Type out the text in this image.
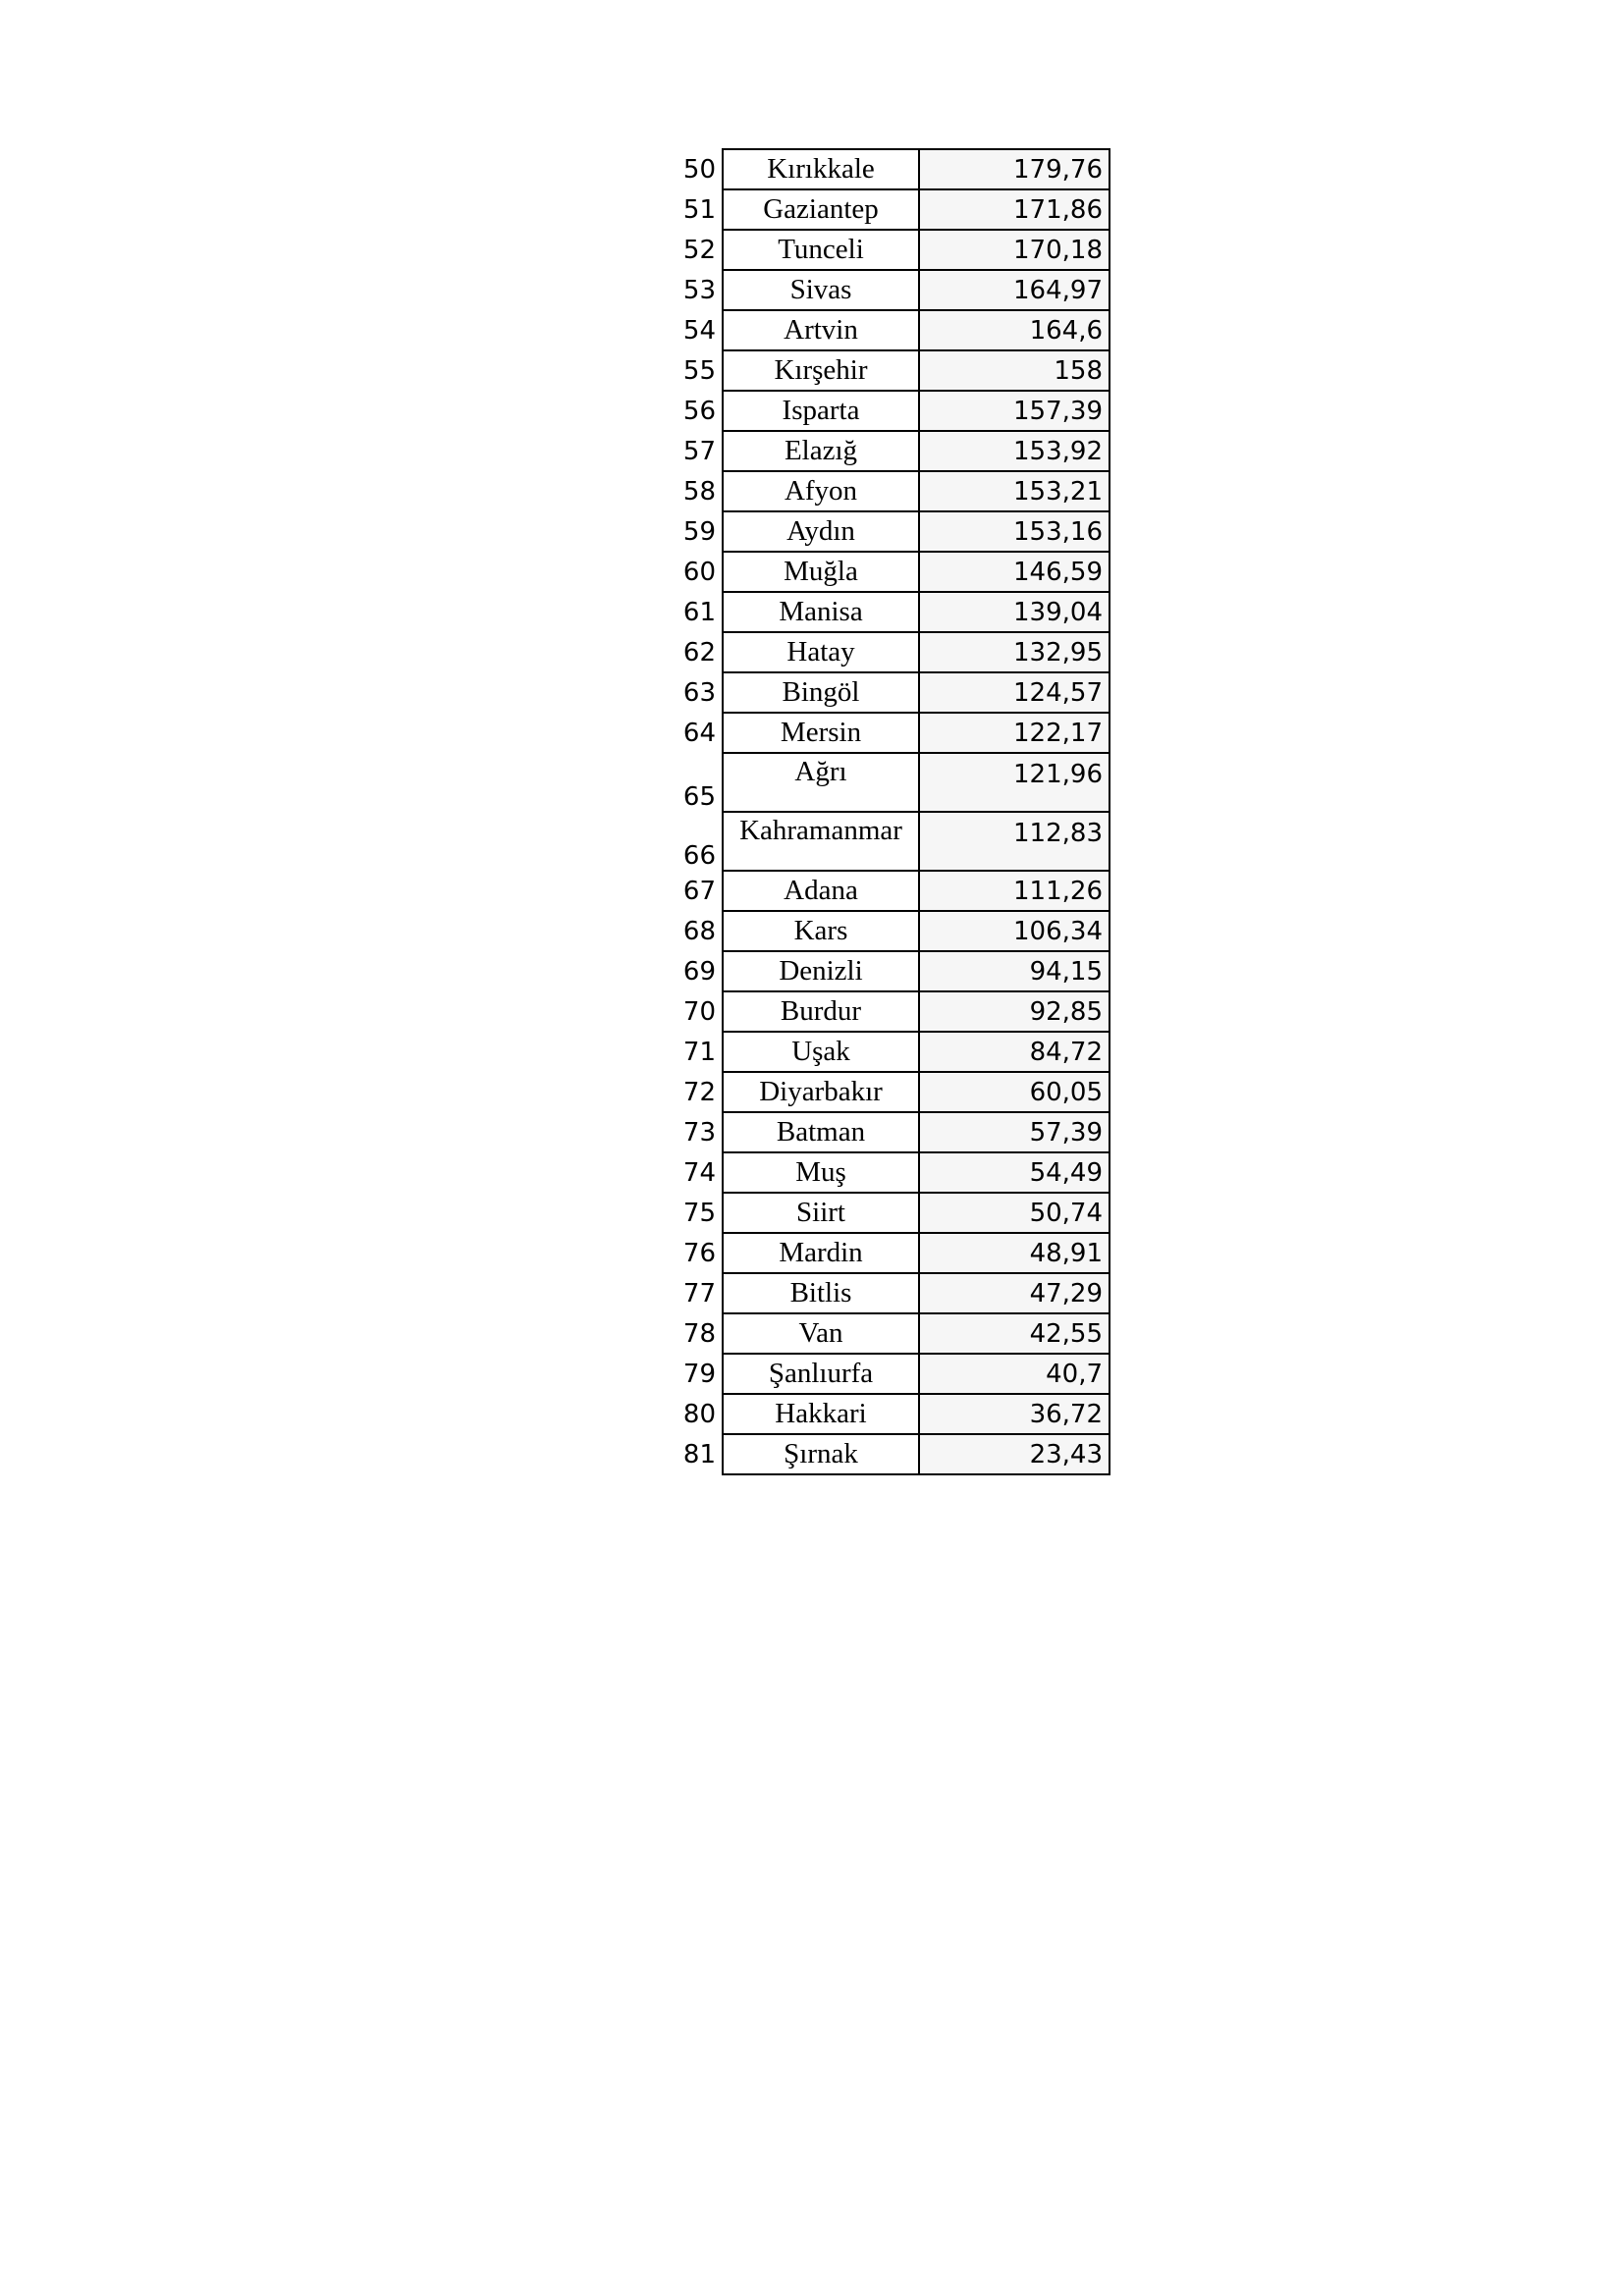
50	Kırıkkale	179,76
51	Gaziantep	171,86
52	Tunceli	170,18
53	Sivas	164,97
54	Artvin	164,6
55	Kırşehir	158
56	Isparta	157,39
57	Elazığ	153,92
58	Afyon	153,21
59	Aydın	153,16
60	Muğla	146,59
61	Manisa	139,04
62	Hatay	132,95
63	Bingöl	124,57
64	Mersin	122,17
65	Ağrı	121,96
66	Kahramanmar	112,83
67	Adana	111,26
68	Kars	106,34
69	Denizli	94,15
70	Burdur	92,85
71	Uşak	84,72
72	Diyarbakır	60,05
73	Batman	57,39
74	Muş	54,49
75	Siirt	50,74
76	Mardin	48,91
77	Bitlis	47,29
78	Van	42,55
79	Şanlıurfa	40,7
80	Hakkari	36,72
81	Şırnak	23,43
